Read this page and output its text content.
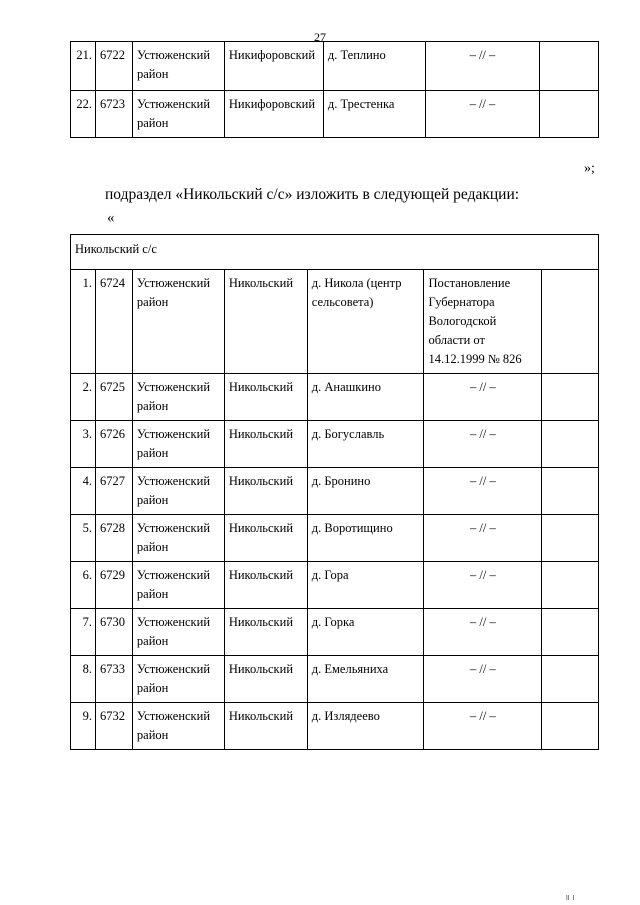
27
21.	6722	Устюженский район	Никифоровский	д. Теплино	– // –	
22.	6723	Устюженский район	Никифоровский	д. Трестенка	– // –	
»;
подраздел «Никольский с/с» изложить в следующей редакции:
«
Никольский с/с						
1.	6724	Устюженский район	Никольский	д. Никола (центр сельсовета)	Постановление Губернатора Вологодской области от 14.12.1999 № 826	
2.	6725	Устюженский район	Никольский	д. Анашкино	– // –	
3.	6726	Устюженский район	Никольский	д. Богуславль	– // –	
4.	6727	Устюженский район	Никольский	д. Бронино	– // –	
5.	6728	Устюженский район	Никольский	д. Воротищино	– // –	
6.	6729	Устюженский район	Никольский	д. Гора	– // –	
7.	6730	Устюженский район	Никольский	д. Горка	– // –	
8.	6733	Устюженский район	Никольский	д. Емельяниха	– // –	
9.	6732	Устюженский район	Никольский	д. Излядеево	– // –	
॥ ।
